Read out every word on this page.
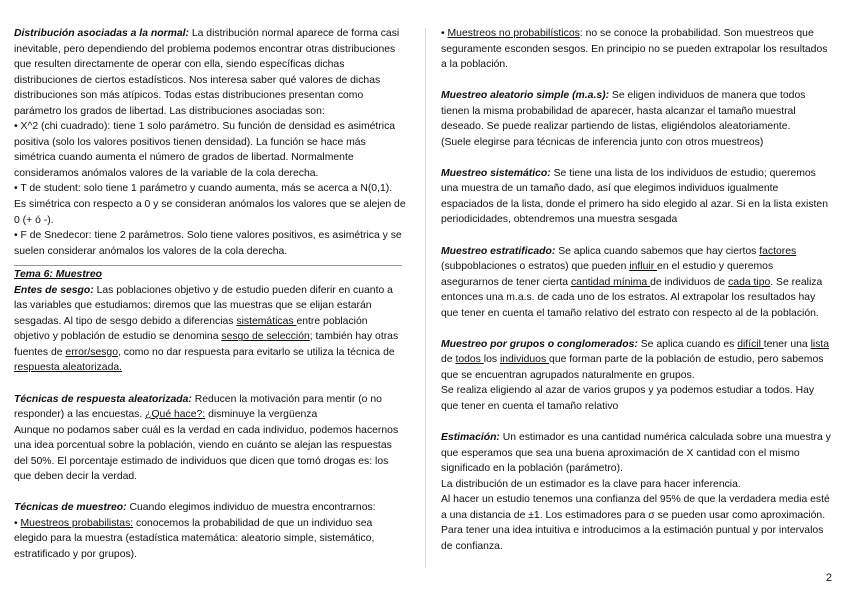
Distribución asociadas a la normal: La distribución normal aparece de forma casi inevitable, pero dependiendo del problema podemos encontrar otras distribuciones que resulten directamente de operar con ella, siendo específicas dichas distribuciones de ciertos estadísticos. Nos interesa saber qué valores de dichas distribuciones son más atípicos. Todas estas distribuciones presentan como parámetro los grados de libertad. Las distribuciones asociadas son:

• X^2 (chi cuadrado): tiene 1 solo parámetro. Su función de densidad es asimétrica positiva (solo los valores positivos tienen densidad). La función se hace más simétrica cuando aumenta el número de grados de libertad. Normalmente consideramos anómalos valores de la variable de la cola derecha.

• T de student: solo tiene 1 parámetro y cuando aumenta, más se acerca a N(0,1). Es simétrica con respecto a 0 y se consideran anómalos los valores que se alejen de 0 (+ ó -).

• F de Snedecor: tiene 2 parámetros. Solo tiene valores positivos, es asimétrica y se suelen considerar anómalos los valores de la cola derecha.

Tema 6: Muestreo

Entes de sesgo: Las poblaciones objetivo y de estudio pueden diferir en cuanto a las variables que estudiamos: diremos que las muestras que se elijan estarán sesgadas. Al tipo de sesgo debido a diferencias sistemáticas entre población objetivo y población de estudio se denomina sesgo de selección; también hay otras fuentes de error/sesgo, como no dar respuesta para evitarlo se utiliza la técnica de respuesta aleatorizada.

Técnicas de respuesta aleatorizada: Reducen la motivación para mentir (o no responder) a las encuestas. ¿Qué hace?: disminuye la vergüenza

Aunque no podamos saber cuál es la verdad en cada individuo, podemos hacernos una idea porcentual sobre la población, viendo en cuánto se alejan las respuestas del 50%. El porcentaje estimado de individuos que dicen que tomó drogas es: los que deben decir la verdad.

Técnicas de muestreo: Cuando elegimos individuo de muestra encontrarnos:

• Muestreos probabilistas: conocemos la probabilidad de que un individuo sea elegido para la muestra (estadística matemática: aleatorio simple, sistemático, estratificado y por grupos).

• Muestreos no probabilísticos: no se conoce la probabilidad. Son muestreos que seguramente esconden sesgos. En principio no se pueden extrapolar los resultados a la población.

Muestreo aleatorio simple (m.a.s): Se eligen individuos de manera que todos tienen la misma probabilidad de aparecer, hasta alcanzar el tamaño muestral deseado. Se puede realizar partiendo de listas, eligiéndolos aleatoriamente.

(Suele elegirse para técnicas de inferencia junto con otros muestreos)

Muestreo sistemático: Se tiene una lista de los individuos de estudio; queremos una muestra de un tamaño dado, así que elegimos individuos igualmente espaciados de la lista, donde el primero ha sido elegido al azar. Si en la lista existen periodicidades, obtendremos una muestra sesgada

Muestreo estratificado: Se aplica cuando sabemos que hay ciertos factores (subpoblaciones o estratos) que pueden influir en el estudio y queremos asegurarnos de tener cierta cantidad mínima de individuos de cada tipo. Se realiza entonces una m.a.s. de cada uno de los estratos. Al extrapolar los resultados hay que tener en cuenta el tamaño relativo del estrato con respecto al de la población.

Muestreo por grupos o conglomerados: Se aplica cuando es difícil tener una lista de todos los individuos que forman parte de la población de estudio, pero sabemos que se encuentran agrupados naturalmente en grupos.

Se realiza eligiendo al azar de varios grupos y ya podemos estudiar a todos. Hay que tener en cuenta el tamaño relativo

Estimación: Un estimador es una cantidad numérica calculada sobre una muestra y que esperamos que sea una buena aproximación de X cantidad con el mismo significado en la población (parámetro).

La distribución de un estimador es la clave para hacer inferencia.

Al hacer un estudio tenemos una confianza del 95% de que la verdadera media esté a una distancia de ±1. Los estimadores para σ se pueden usar como aproximación. Para tener una idea intuitiva e introducimos a la estimación puntual y por intervalos de confianza.

2
